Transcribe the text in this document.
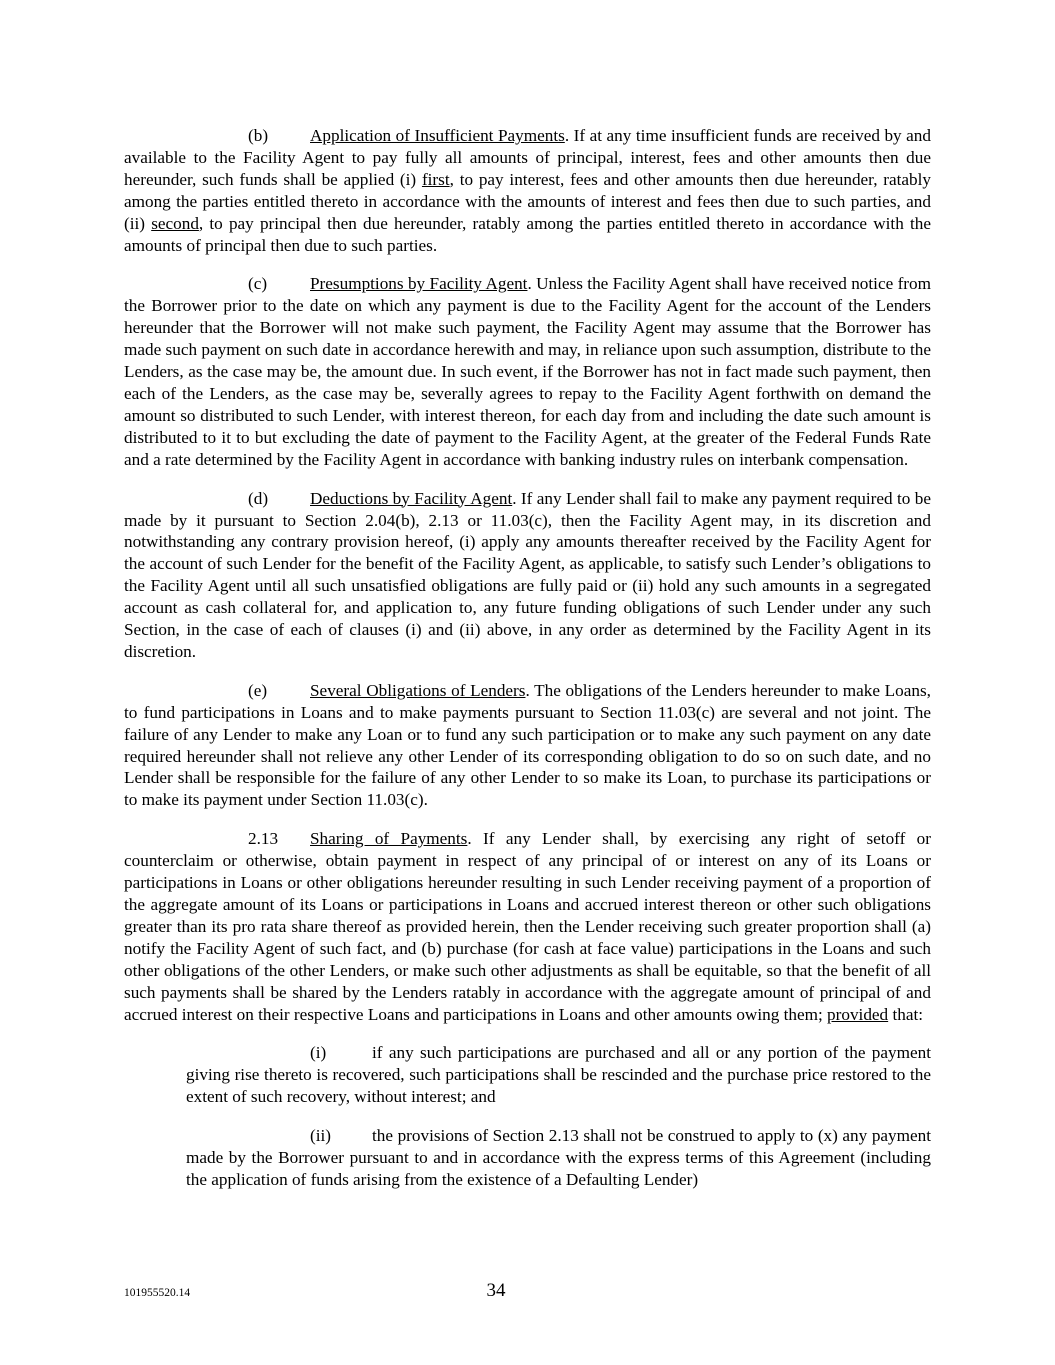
(b) Application of Insufficient Payments. If at any time insufficient funds are received by and available to the Facility Agent to pay fully all amounts of principal, interest, fees and other amounts then due hereunder, such funds shall be applied (i) first, to pay interest, fees and other amounts then due hereunder, ratably among the parties entitled thereto in accordance with the amounts of interest and fees then due to such parties, and (ii) second, to pay principal then due hereunder, ratably among the parties entitled thereto in accordance with the amounts of principal then due to such parties.

(c) Presumptions by Facility Agent. Unless the Facility Agent shall have received notice from the Borrower prior to the date on which any payment is due to the Facility Agent for the account of the Lenders hereunder that the Borrower will not make such payment, the Facility Agent may assume that the Borrower has made such payment on such date in accordance herewith and may, in reliance upon such assumption, distribute to the Lenders, as the case may be, the amount due. In such event, if the Borrower has not in fact made such payment, then each of the Lenders, as the case may be, severally agrees to repay to the Facility Agent forthwith on demand the amount so distributed to such Lender, with interest thereon, for each day from and including the date such amount is distributed to it to but excluding the date of payment to the Facility Agent, at the greater of the Federal Funds Rate and a rate determined by the Facility Agent in accordance with banking industry rules on interbank compensation.

(d) Deductions by Facility Agent. If any Lender shall fail to make any payment required to be made by it pursuant to Section 2.04(b), 2.13 or 11.03(c), then the Facility Agent may, in its discretion and notwithstanding any contrary provision hereof, (i) apply any amounts thereafter received by the Facility Agent for the account of such Lender for the benefit of the Facility Agent, as applicable, to satisfy such Lender’s obligations to the Facility Agent until all such unsatisfied obligations are fully paid or (ii) hold any such amounts in a segregated account as cash collateral for, and application to, any future funding obligations of such Lender under any such Section, in the case of each of clauses (i) and (ii) above, in any order as determined by the Facility Agent in its discretion.

(e) Several Obligations of Lenders. The obligations of the Lenders hereunder to make Loans, to fund participations in Loans and to make payments pursuant to Section 11.03(c) are several and not joint. The failure of any Lender to make any Loan or to fund any such participation or to make any such payment on any date required hereunder shall not relieve any other Lender of its corresponding obligation to do so on such date, and no Lender shall be responsible for the failure of any other Lender to so make its Loan, to purchase its participations or to make its payment under Section 11.03(c).

2.13 Sharing of Payments. If any Lender shall, by exercising any right of setoff or counterclaim or otherwise, obtain payment in respect of any principal of or interest on any of its Loans or participations in Loans or other obligations hereunder resulting in such Lender receiving payment of a proportion of the aggregate amount of its Loans or participations in Loans and accrued interest thereon or other such obligations greater than its pro rata share thereof as provided herein, then the Lender receiving such greater proportion shall (a) notify the Facility Agent of such fact, and (b) purchase (for cash at face value) participations in the Loans and such other obligations of the other Lenders, or make such other adjustments as shall be equitable, so that the benefit of all such payments shall be shared by the Lenders ratably in accordance with the aggregate amount of principal of and accrued interest on their respective Loans and participations in Loans and other amounts owing them; provided that:

(i)	if any such participations are purchased and all or any portion of the payment giving rise thereto is recovered, such participations shall be rescinded and the purchase price restored to the extent of such recovery, without interest; and

(ii) the provisions of Section 2.13 shall not be construed to apply to (x) any payment made by the Borrower pursuant to and in accordance with the express terms of this Agreement (including the application of funds arising from the existence of a Defaulting Lender)

101955520.14	34
